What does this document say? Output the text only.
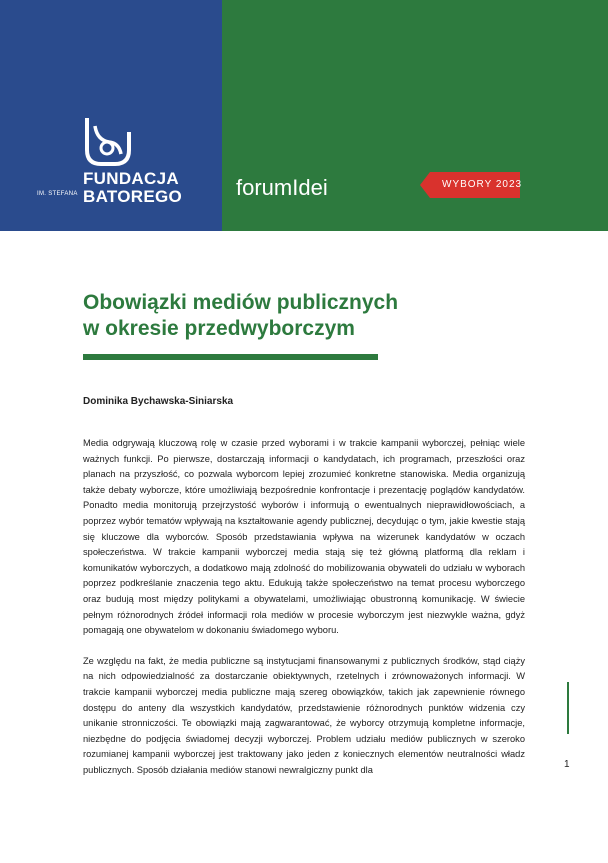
IM. STEFANA
FUNDACJA
BATOREGO forumIdei	WYBORY 2023
Obowiązki mediów publicznych
w okresie przedwyborczym
Dominika Bychawska-Siniarska

Media odgrywają kluczową rolę w czasie przed wyborami i w trakcie kampanii wyborczej, pełniąc wiele ważnych funkcji. Po pierwsze, dostarczają informacji o kandydatach, ich programach, przeszłości oraz planach na przyszłość, co pozwala wyborcom lepiej zrozumieć konkretne stanowiska. Media organizują także debaty wyborcze, które umożliwiają bezpośrednie konfrontacje i prezentację poglądów kandydatów. Ponadto media monitorują przejrzystość wyborów i informują o ewentualnych nieprawidłowościach, a poprzez wybór tematów wpływają na kształtowanie agendy publicznej, decydując o tym, jakie kwestie stają się kluczowe dla wyborców. Sposób przedstawiania wpływa na wizerunek kandydatów w oczach społeczeństwa. W trakcie kampanii wyborczej media stają się też główną platformą dla reklam i komunikatów wyborczych, a dodatkowo mają zdolność do mobilizowania obywateli do udziału w wyborach poprzez podkreślanie znaczenia tego aktu. Edukują także społeczeństwo na temat procesu wyborczego oraz budują most między politykami a obywatelami, umożliwiając obustronną komunikację. W świecie pełnym różnorodnych źródeł informacji rola mediów w procesie wyborczym jest niezwykle ważna, gdyż pomagają one obywatelom w dokonaniu świadomego wyboru.

Ze względu na fakt, że media publiczne są instytucjami finansowanymi z publicznych środków, stąd ciąży na nich odpowiedzialność za dostarczanie obiektywnych, rzetelnych i zrównoważonych informacji. W trakcie kampanii wyborczej media publiczne mają szereg obowiązków, takich jak zapewnienie równego dostępu do anteny dla wszystkich kandydatów, przedstawienie różnorodnych punktów widzenia czy unikanie stronniczości. Te obowiązki mają zagwarantować, że wyborcy otrzymują kompletne informacje, niezbędne do podjęcia świadomej decyzji wyborczej. Problem udziału mediów publicznych w szeroko rozumianej kampanii wyborczej jest traktowany jako jeden z koniecznych elementów neutralności władz publicznych. Sposób działania mediów stanowi newralgiczny punkt dla	1
